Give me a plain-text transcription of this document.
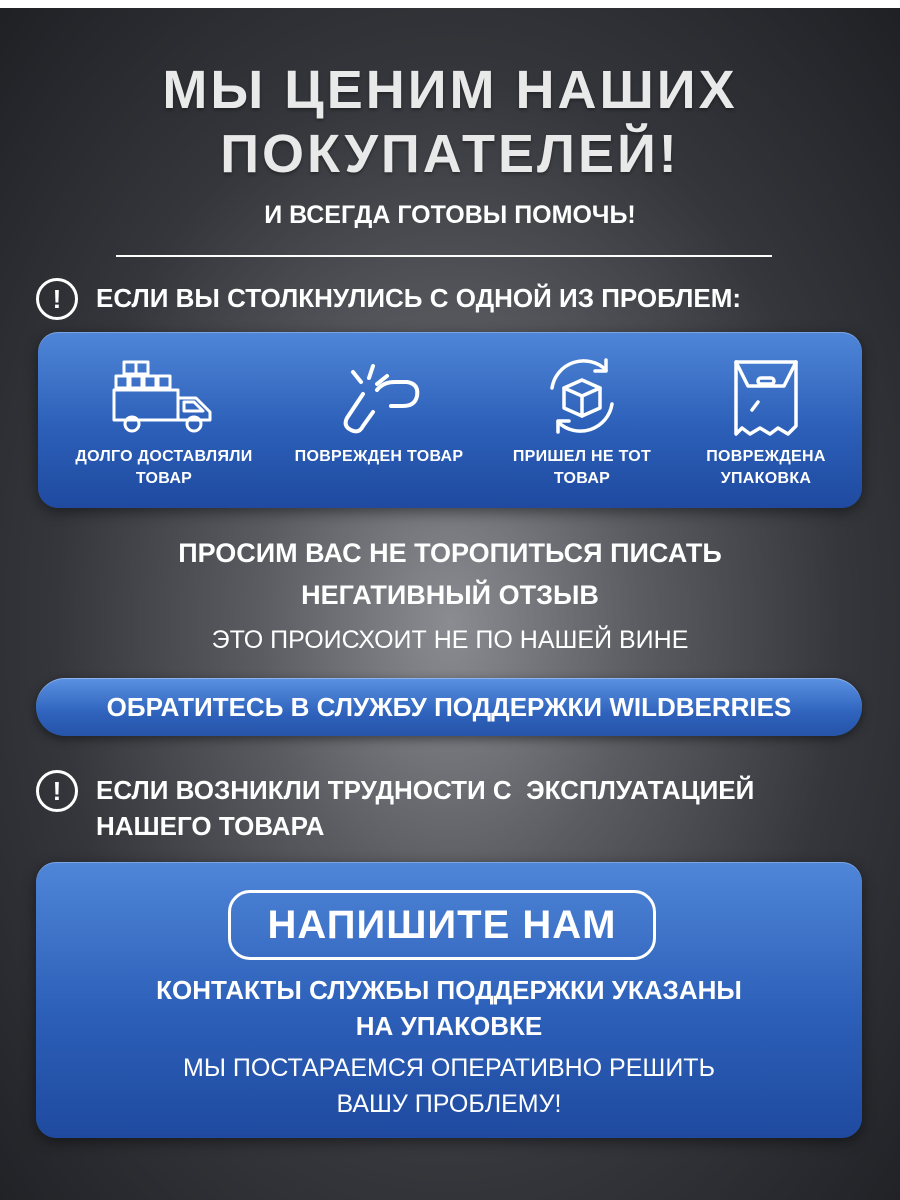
МЫ ЦЕНИМ НАШИХ
ПОКУПАТЕЛЕЙ!
И ВСЕГДА ГОТОВЫ ПОМОЧЬ!
!	ЕСЛИ ВЫ СТОЛКНУЛИСЬ С ОДНОЙ ИЗ ПРОБЛЕМ:
ДОЛГО ДОСТАВЛЯЛИ
ТОВАР
ПОВРЕЖДЕН ТОВАР	ПРИШЕЛ НЕ ТОТ
ТОВАР
ПОВРЕЖДЕНА
УПАКОВКА
ПРОСИМ ВАС НЕ ТОРОПИТЬСЯ ПИСАТЬ
НЕГАТИВНЫЙ ОТЗЫВ
ЭТО ПРОИСХОИТ НЕ ПО НАШЕЙ ВИНЕ
ОБРАТИТЕСЬ В СЛУЖБУ ПОДДЕРЖКИ WILDBERRIES
!	ЕСЛИ ВОЗНИКЛИ ТРУДНОСТИ С  ЭКСПЛУАТАЦИЕЙ
НАШЕГО ТОВАРА
НАПИШИТЕ НАМ
КОНТАКТЫ СЛУЖБЫ ПОДДЕРЖКИ УКАЗАНЫ
НА УПАКОВКЕ
МЫ ПОСТАРАЕМСЯ ОПЕРАТИВНО РЕШИТЬ
ВАШУ ПРОБЛЕМУ!
